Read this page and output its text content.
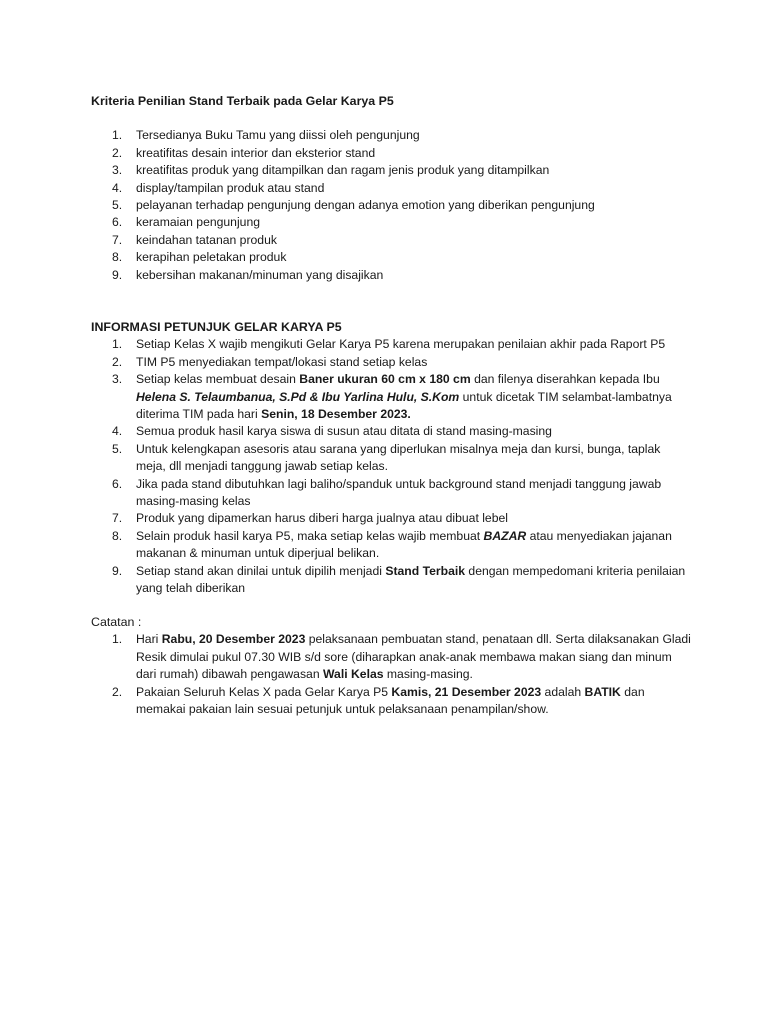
Kriteria Penilian Stand Terbaik pada Gelar Karya P5

1.	Tersedianya Buku Tamu yang diissi oleh pengunjung
2.	kreatifitas desain interior dan eksterior stand
3.	kreatifitas produk yang ditampilkan dan ragam jenis produk yang ditampilkan
4.	display/tampilan produk atau stand
5.	pelayanan terhadap pengunjung dengan adanya emotion yang diberikan pengunjung
6.	keramaian pengunjung
7.	keindahan tatanan produk
8.	kerapihan peletakan produk
9.	kebersihan makanan/minuman yang disajikan

INFORMASI PETUNJUK GELAR KARYA P5

1.	Setiap Kelas X wajib mengikuti Gelar Karya P5 karena merupakan penilaian akhir pada Raport P5
2.	TIM P5 menyediakan tempat/lokasi stand setiap kelas
3.	Setiap kelas membuat desain Baner ukuran 60 cm x 180 cm dan filenya diserahkan kepada Ibu Helena S. Telaumbanua, S.Pd & Ibu Yarlina Hulu, S.Kom untuk dicetak TIM selambat-lambatnya diterima TIM pada hari Senin, 18 Desember 2023.
4.	Semua produk hasil karya siswa di susun atau ditata di stand masing-masing
5.	Untuk kelengkapan asesoris atau sarana yang diperlukan misalnya meja dan kursi, bunga, taplak meja, dll menjadi tanggung jawab setiap kelas.
6.	Jika pada stand dibutuhkan lagi baliho/spanduk untuk background stand menjadi tanggung jawab masing-masing kelas
7.	Produk yang dipamerkan harus diberi harga jualnya atau dibuat lebel
8.	Selain produk hasil karya P5, maka setiap kelas wajib membuat BAZAR atau menyediakan jajanan makanan & minuman untuk diperjual belikan.
9.	Setiap stand akan dinilai untuk dipilih menjadi Stand Terbaik dengan mempedomani kriteria penilaian yang telah diberikan

Catatan :

1.	Hari Rabu, 20 Desember 2023 pelaksanaan pembuatan stand, penataan dll. Serta dilaksanakan Gladi Resik dimulai pukul 07.30 WIB s/d sore (diharapkan anak-anak membawa makan siang dan minum dari rumah) dibawah pengawasan Wali Kelas masing-masing.
2.	Pakaian Seluruh Kelas X pada Gelar Karya P5 Kamis, 21 Desember 2023 adalah BATIK dan memakai pakaian lain sesuai petunjuk untuk pelaksanaan penampilan/show.
